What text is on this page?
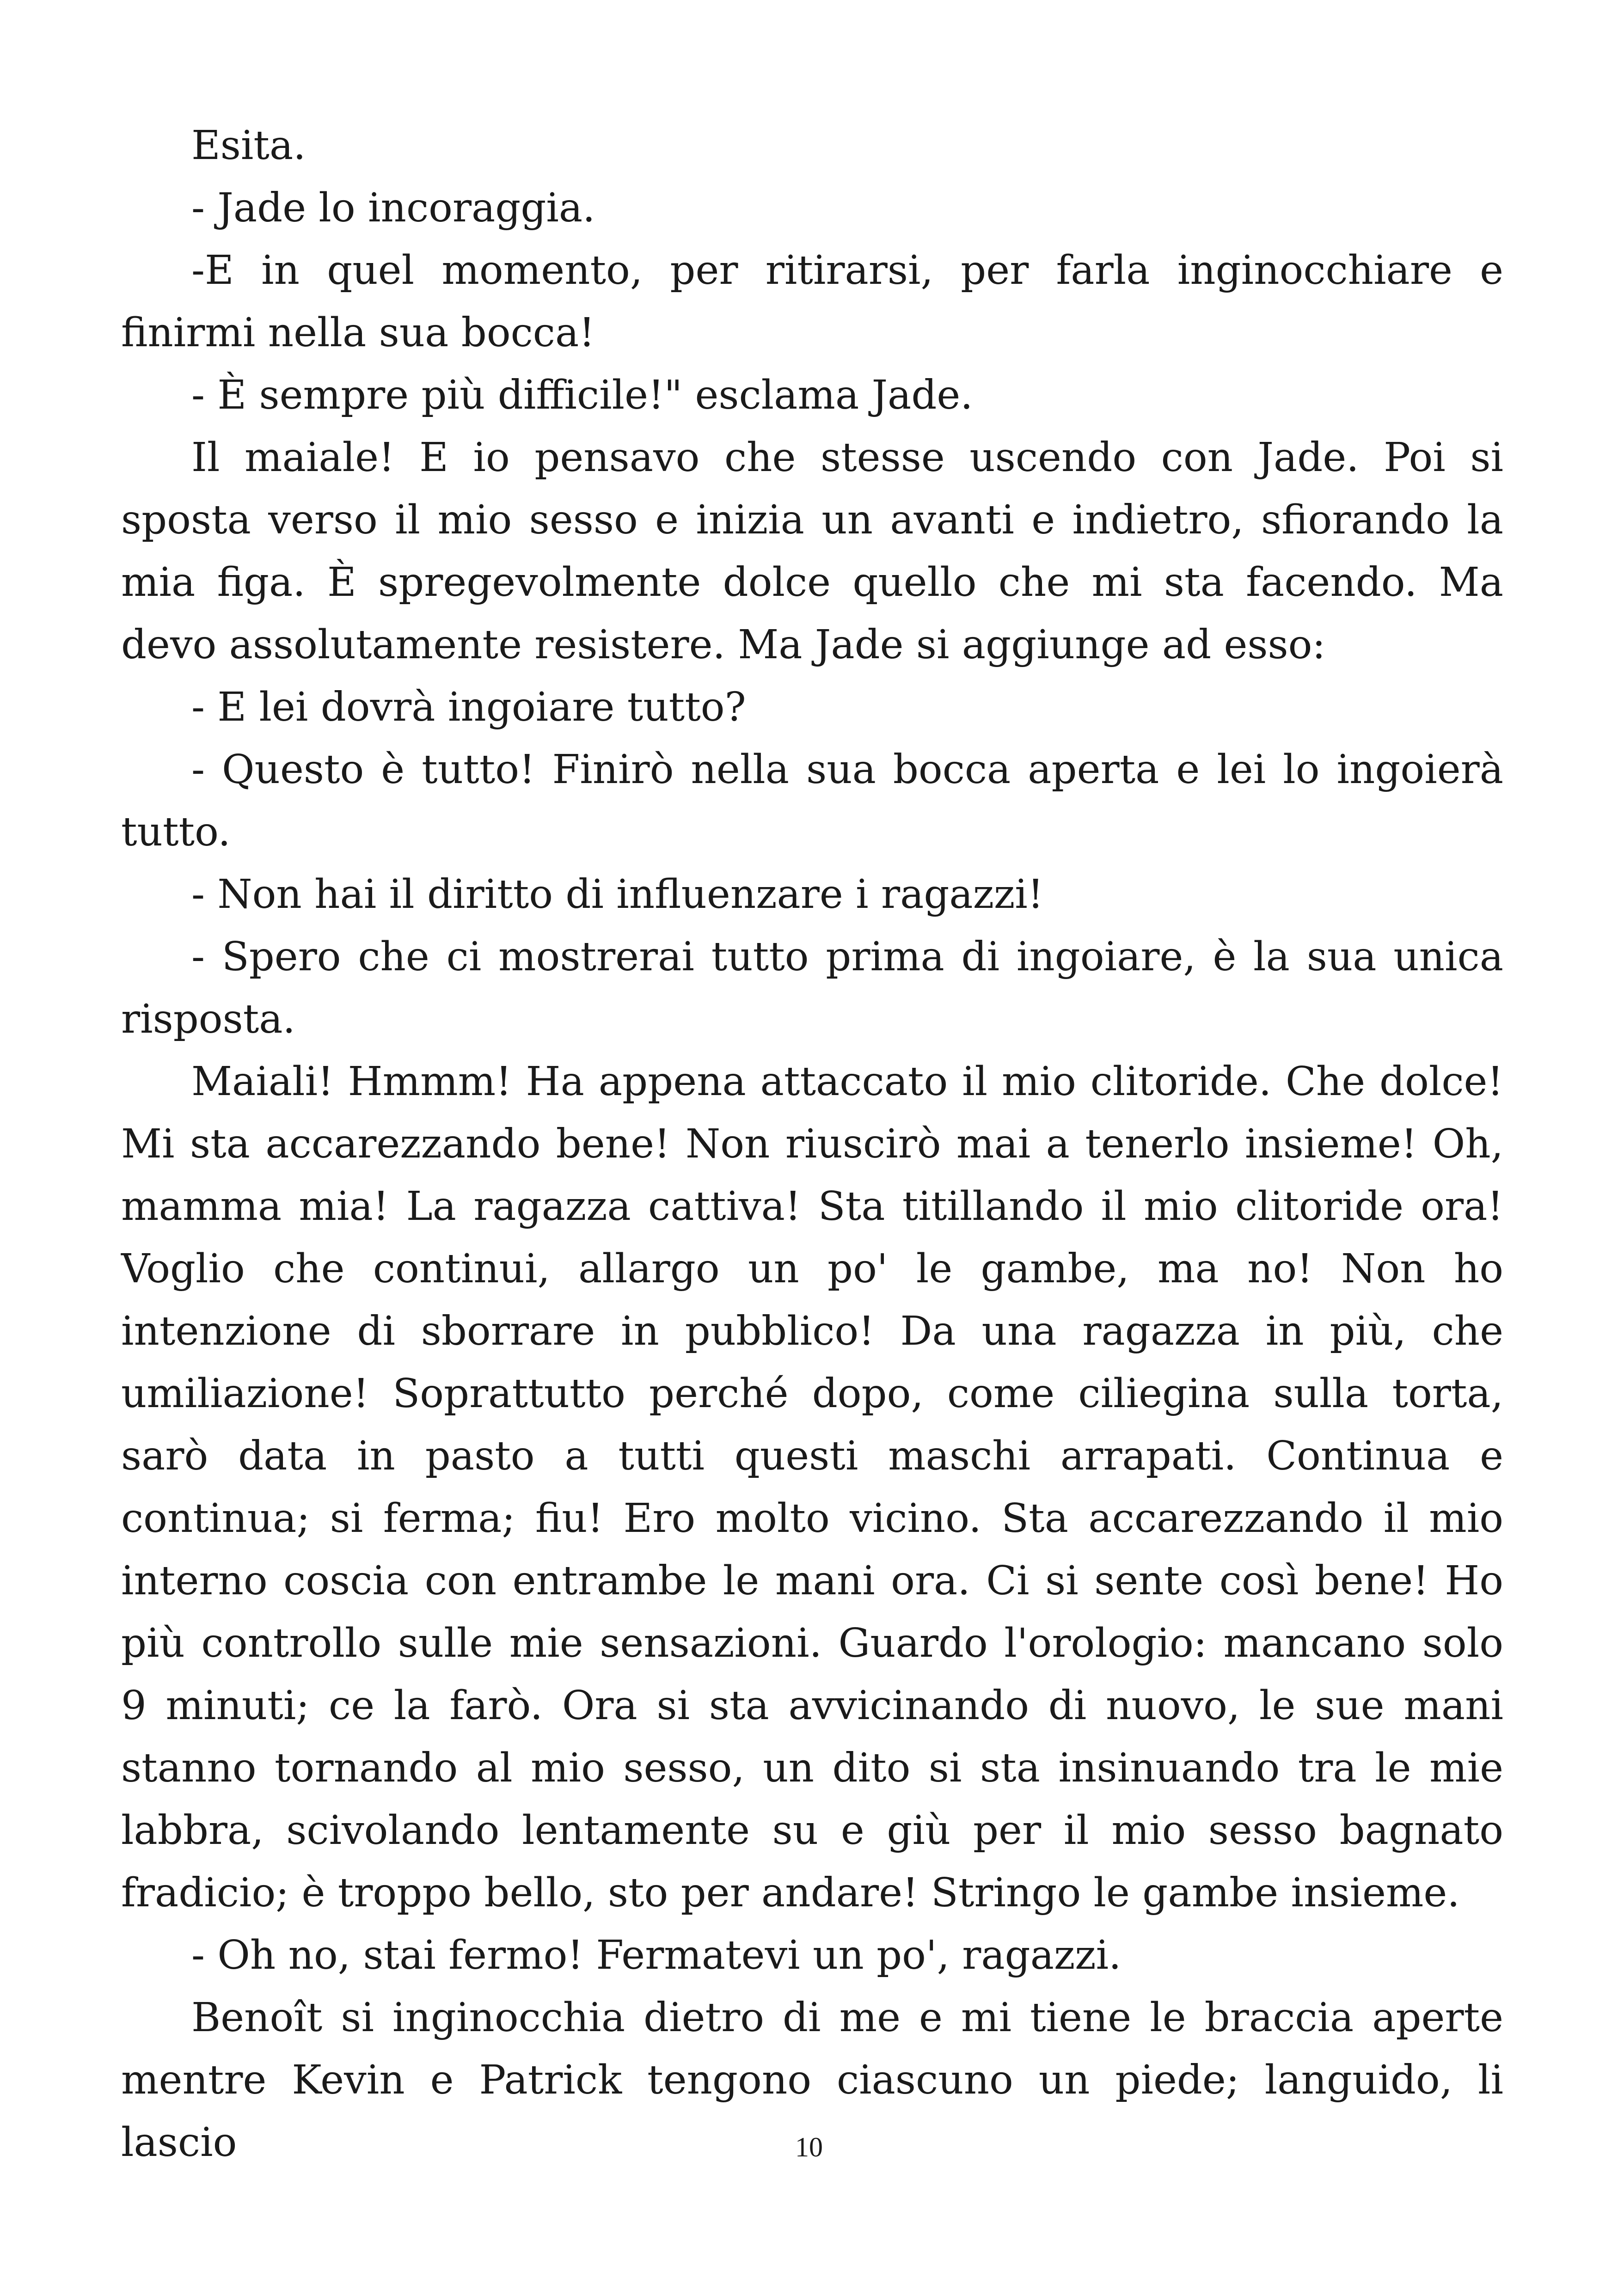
Esita.

- Jade lo incoraggia.

-E in quel momento, per ritirarsi, per farla inginocchiare e finirmi nella sua bocca!

- È sempre più difficile!" esclama Jade.

Il maiale! E io pensavo che stesse uscendo con Jade. Poi si sposta verso il mio sesso e inizia un avanti e indietro, sfiorando la mia figa. È spregevolmente dolce quello che mi sta facendo. Ma devo assolutamente resistere. Ma Jade si aggiunge ad esso:

- E lei dovrà ingoiare tutto?

- Questo è tutto! Finirò nella sua bocca aperta e lei lo ingoierà tutto.

- Non hai il diritto di influenzare i ragazzi!

- Spero che ci mostrerai tutto prima di ingoiare, è la sua unica risposta.

Maiali! Hmmm! Ha appena attaccato il mio clitoride. Che dolce! Mi sta accarezzando bene! Non riuscirò mai a tenerlo insieme! Oh, mamma mia! La ragazza cattiva! Sta titillando il mio clitoride ora! Voglio che continui, allargo un po' le gambe, ma no! Non ho intenzione di sborrare in pubblico! Da una ragazza in più, che umiliazione! Soprattutto perché dopo, come ciliegina sulla torta, sarò data in pasto a tutti questi maschi arrapati. Continua e continua; si ferma; fiu! Ero molto vicino. Sta accarezzando il mio interno coscia con entrambe le mani ora. Ci si sente così bene! Ho più controllo sulle mie sensazioni. Guardo l'orologio: mancano solo 9 minuti; ce la farò. Ora si sta avvicinando di nuovo, le sue mani stanno tornando al mio sesso, un dito si sta insinuando tra le mie labbra, scivolando lentamente su e giù per il mio sesso bagnato fradicio; è troppo bello, sto per andare! Stringo le gambe insieme.

- Oh no, stai fermo! Fermatevi un po', ragazzi.

Benoît si inginocchia dietro di me e mi tiene le braccia aperte mentre Kevin e Patrick tengono ciascuno un piede; languido, li lascio	10
